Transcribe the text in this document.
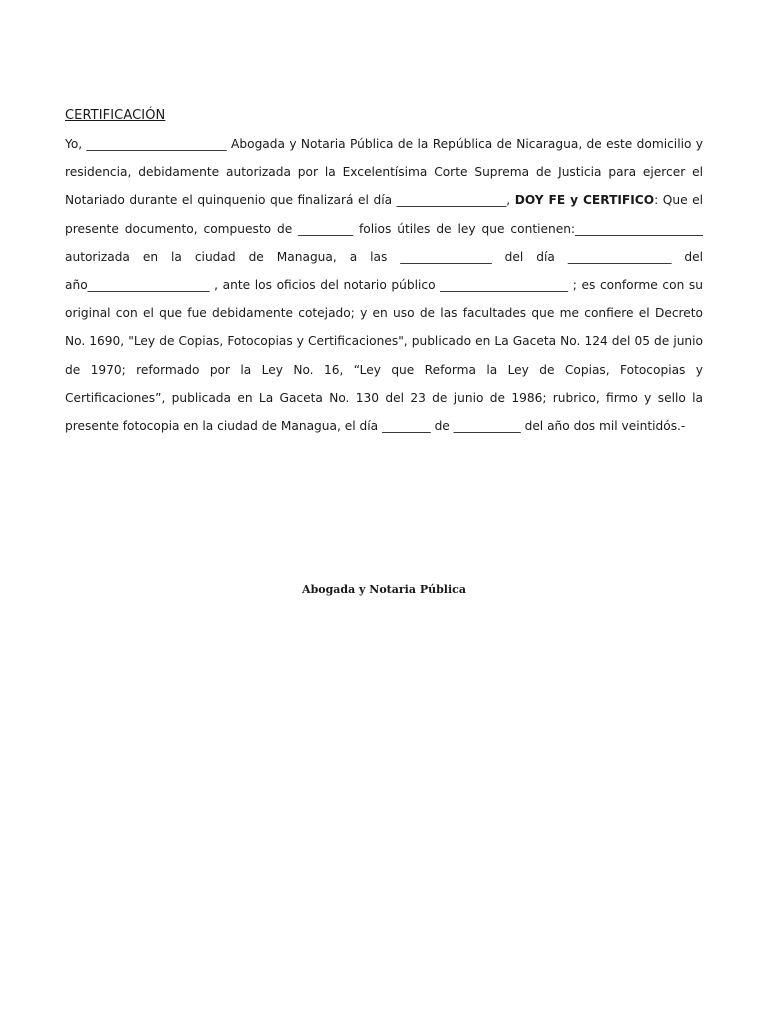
CERTIFICACIÓN

Yo, _______________________ Abogada y Notaria Pública de la República de Nicaragua, de este domicilio y residencia, debidamente autorizada por la Excelentísima Corte Suprema de Justicia para ejercer el Notariado durante el quinquenio que finalizará el día __________________, DOY FE y CERTIFICO: Que el presente documento, compuesto de _________ folios útiles de ley que contienen:_____________________ autorizada en la ciudad de Managua, a las _______________ del día _________________ del año____________________ , ante los oficios del notario público _____________________ ; es conforme con su original con el que fue debidamente cotejado; y en uso de las facultades que me confiere el Decreto No. 1690, "Ley de Copias, Fotocopias y Certificaciones", publicado en La Gaceta No. 124 del 05 de junio de 1970; reformado por la Ley No. 16, “Ley que Reforma la Ley de Copias, Fotocopias y Certificaciones”, publicada en La Gaceta No. 130 del 23 de junio de 1986; rubrico, firmo y sello la presente fotocopia en la ciudad de Managua, el día ________ de ___________ del año dos mil veintidós.-

Abogada y Notaria Pública
